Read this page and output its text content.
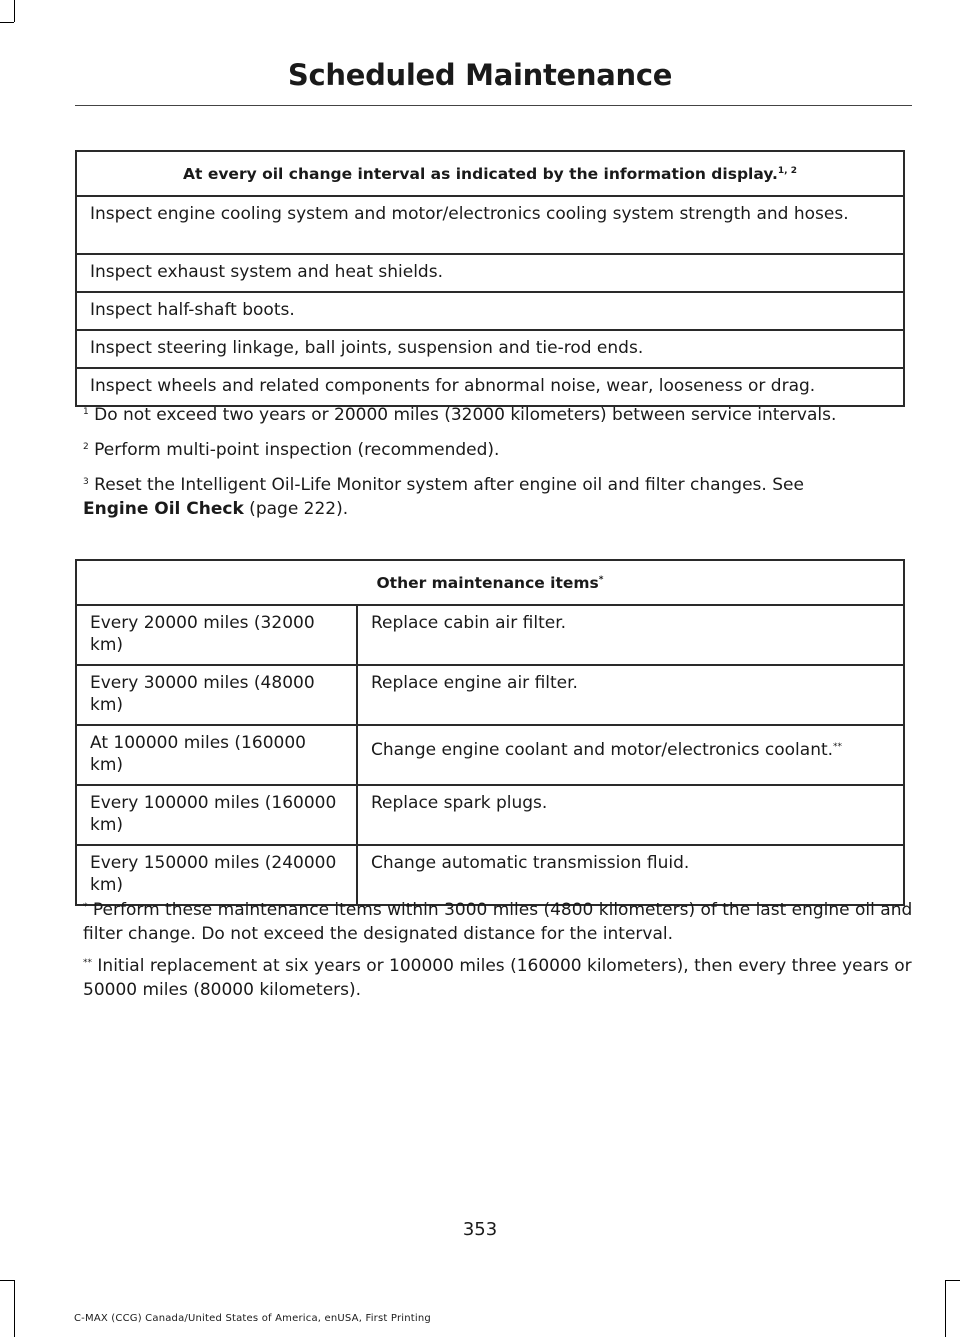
Scheduled Maintenance
At every oil change interval as indicated by the information display.$^{1, 2}$
Inspect engine cooling system and motor/electronics cooling system strength and hoses.
Inspect exhaust system and heat shields.
Inspect half-shaft boots.
Inspect steering linkage, ball joints, suspension and tie-rod ends.
Inspect wheels and related components for abnormal noise, wear, looseness or drag.
$^1$ Do not exceed two years or 20000 miles (32000 kilometers) between service intervals.
$^2$ Perform multi-point inspection (recommended).
$^3$ Reset the Intelligent Oil-Life Monitor system after engine oil and filter changes. See
Engine Oil Check (page 222).
Other maintenance items*
Every 20000 miles (32000 km)	Replace cabin air filter.
Every 30000 miles (48000 km)	Replace engine air filter.
At 100000 miles (160000 km)	Change engine coolant and motor/electronics coolant.**
Every 100000 miles (160000 km)	Replace spark plugs.
Every 150000 miles (240000 km)	Change automatic transmission fluid.
* Perform these maintenance items within 3000 miles (4800 kilometers) of the last engine oil and filter change. Do not exceed the designated distance for the interval.
** Initial replacement at six years or 100000 miles (160000 kilometers), then every three years or 50000 miles (80000 kilometers).
353
C-MAX (CCG) Canada/United States of America, enUSA, First Printing
